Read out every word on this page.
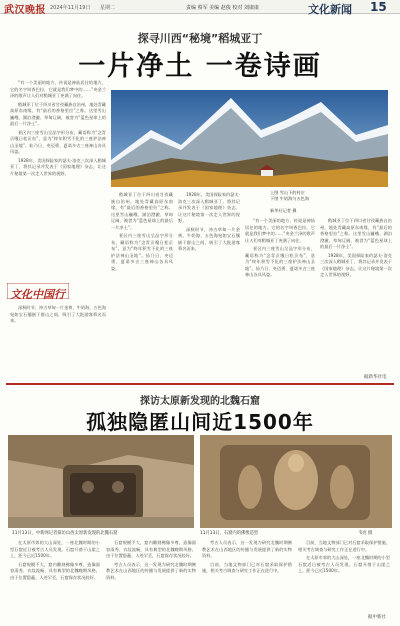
武汉晚报 2024年11月19日 星期二	责编 蔡军 美编 赵俊 校对 刘康康	文化新闻 15
探寻川西“秘境”稻城亚丁
一片净土 一卷诗画

“有一个美丽的地方，传说是神仙居住的地方。它的名字叫香巴拉，它就是我们梦中的……”央金兰泽的歌声让人们对稻城亚丁充满了向往。

稻城亚丁位于四川省甘孜藏族自治州，地处青藏高原东南缘，有“最后的香格里拉”之称。这里雪山巍峨、湖泊澄澈、草甸辽阔，被誉为“蓝色星球上的最后一片净土”。

景区内三座雪山呈品字形分布，藏语称为“念青贡嘎日松贡布”，意为“终年积雪不化的三座护法神山圣地”。仙乃日、央迈勇、夏诺多吉三座神山各具风姿。

1928年，美国探险家约瑟夫·洛克三次深入稻城亚丁，将其记录并发表于《国家地理》杂志，让这片秘境第一次走入世界的视野。

深秋时节，冲古草甸一片金黄，牛奶海、五色海宛如宝石镶嵌于群山之间，吸引了大批游客慕名而来。

上图 雪山下的村庄
下图 牛奶海与五色海
新华社记者 摄

稻城亚丁位于四川省甘孜藏族自治州，地处青藏高原东南缘，有“最后的香格里拉”之称。这里雪山巍峨、湖泊澄澈、草甸辽阔，被誉为“蓝色星球上的最后一片净土”。

景区内三座雪山呈品字形分布，藏语称为“念青贡嘎日松贡布”，意为“终年积雪不化的三座护法神山圣地”。仙乃日、央迈勇、夏诺多吉三座神山各具风姿。

1928年，美国探险家约瑟夫·洛克三次深入稻城亚丁，将其记录并发表于《国家地理》杂志，让这片秘境第一次走入世界的视野。

深秋时节，冲古草甸一片金黄，牛奶海、五色海宛如宝石镶嵌于群山之间，吸引了大批游客慕名而来。

“有一个美丽的地方，传说是神仙居住的地方。它的名字叫香巴拉，它就是我们梦中的……”央金兰泽的歌声让人们对稻城亚丁充满了向往。

景区内三座雪山呈品字形分布，藏语称为“念青贡嘎日松贡布”，意为“终年积雪不化的三座护法神山圣地”。仙乃日、央迈勇、夏诺多吉三座神山各具风姿。

稻城亚丁位于四川省甘孜藏族自治州，地处青藏高原东南缘，有“最后的香格里拉”之称。这里雪山巍峨、湖泊澄澈、草甸辽阔，被誉为“蓝色星球上的最后一片净土”。

1928年，美国探险家约瑟夫·洛克三次深入稻城亚丁，将其记录并发表于《国家地理》杂志，让这片秘境第一次走入世界的视野。

文化中国行
据新华社电
探访太原新发现的北魏石窟
孤独隐匿山间近1500年
11月13日，中新网记者探访山西太原新发现的北魏石窟	11月13日，石窟内的佛像造型	韦亮 摄

在太原市郊的大山深处，一座北魏时期的小型石窟近日被考古人员发现。石窟开凿于山崖之上，距今已近1500年。

石窟规模不大，窟内雕刻佛像多尊，造像面容清秀、衣纹流畅，具有典型的北魏晚期风格。由于位置隐蔽、人迹罕至，石窟保存状况较好。

石窟规模不大，窟内雕刻佛像多尊，造像面容清秀、衣纹流畅，具有典型的北魏晚期风格。由于位置隐蔽、人迹罕至，石窟保存状况较好。

考古人员表示，这一发现为研究北魏时期佛教艺术在山西地区的传播与发展提供了新的实物资料。

考古人员表示，这一发现为研究北魏时期佛教艺术在山西地区的传播与发展提供了新的实物资料。

目前，当地文物部门已对石窟采取保护措施，相关考古调查与研究工作正在进行中。

目前，当地文物部门已对石窟采取保护措施，相关考古调查与研究工作正在进行中。

在太原市郊的大山深处，一座北魏时期的小型石窟近日被考古人员发现。石窟开凿于山崖之上，距今已近1500年。

据中新社
